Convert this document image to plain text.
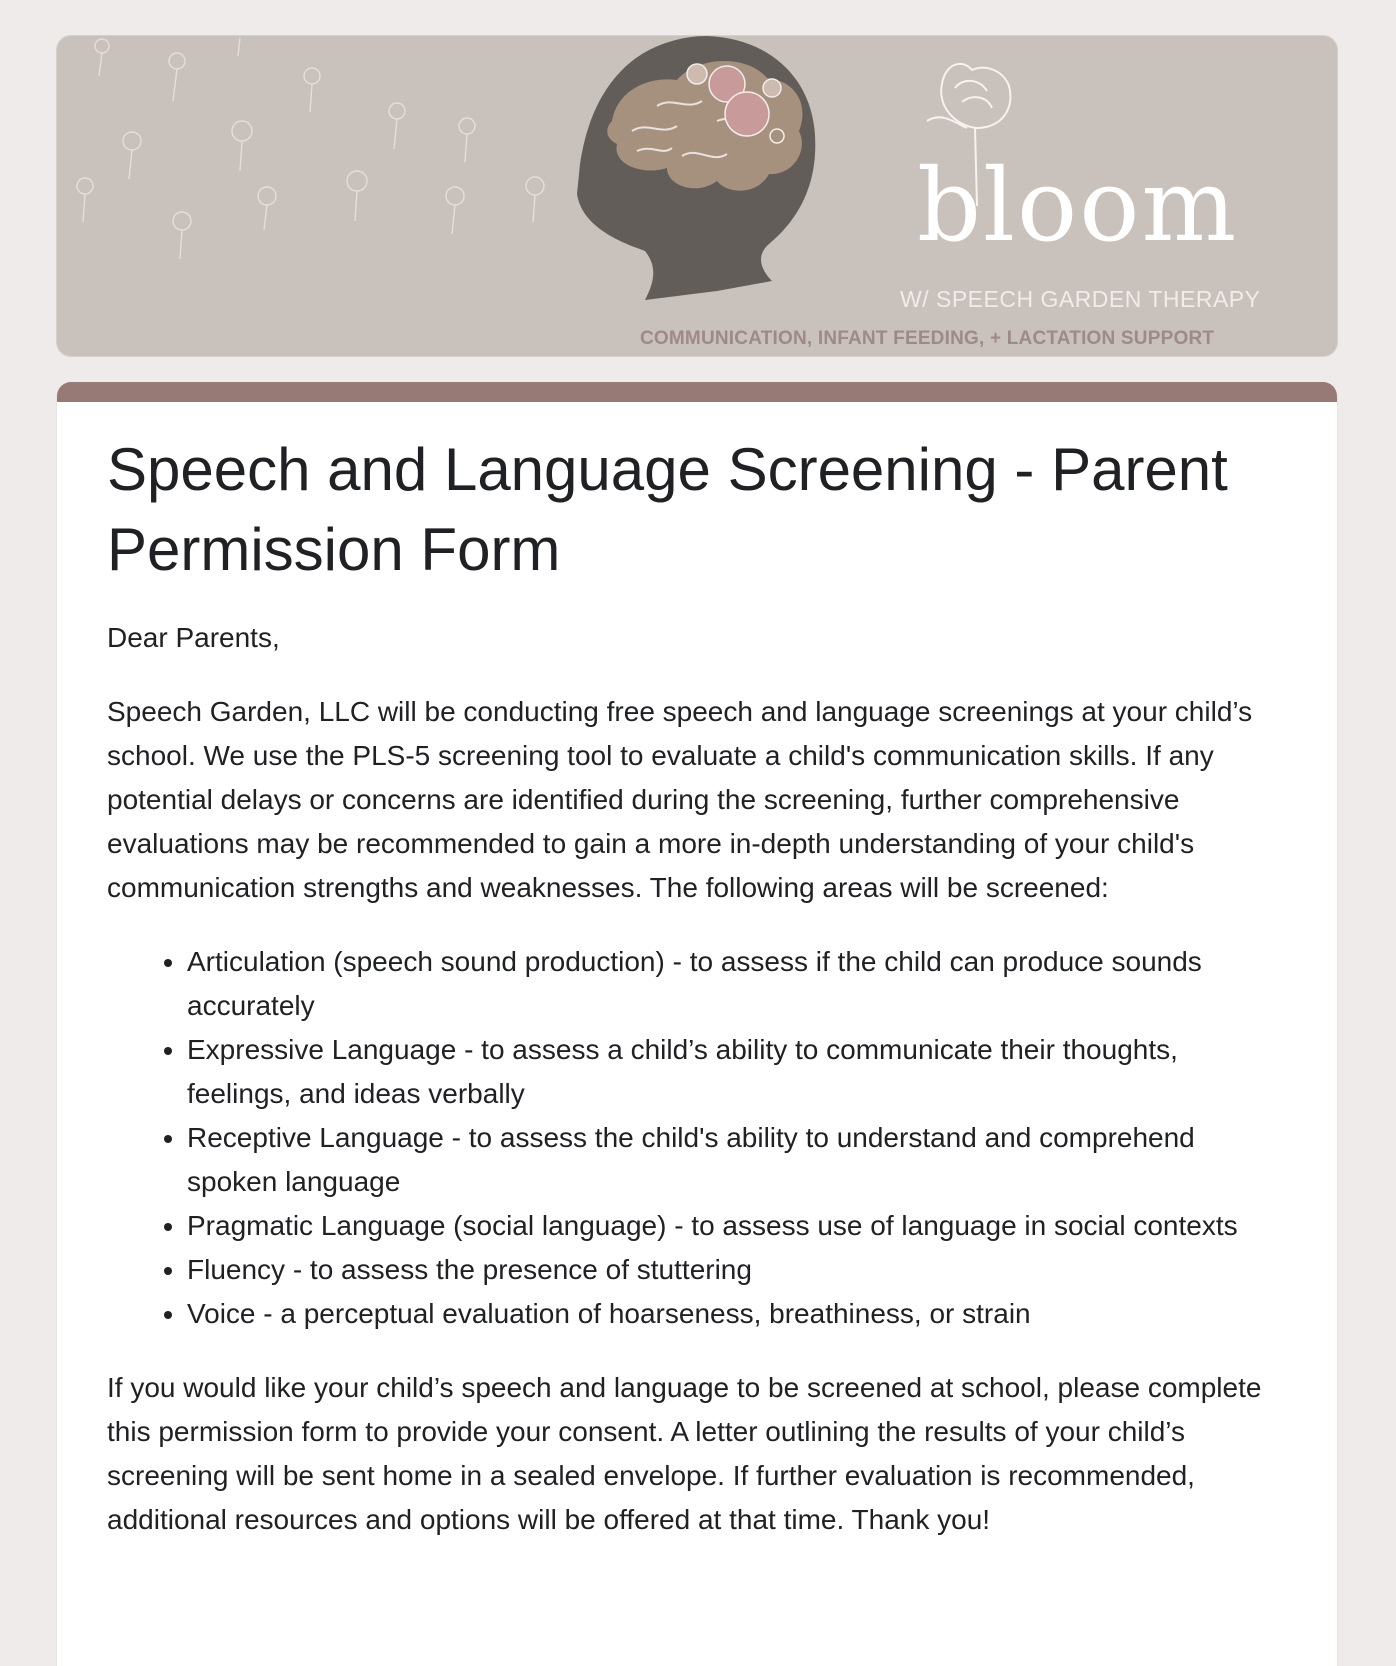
bloom
W/ SPEECH GARDEN THERAPY
COMMUNICATION, INFANT FEEDING, + LACTATION SUPPORT
Speech and Language Screening - Parent Permission Form

Dear Parents,

Speech Garden, LLC will be conducting free speech and language screenings at your child’s school. We use the PLS-5 screening tool to evaluate a child's communication skills. If any potential delays or concerns are identified during the screening, further comprehensive evaluations may be recommended to gain a more in-depth understanding of your child's communication strengths and weaknesses. The following areas will be screened:

• Articulation (speech sound production) - to assess if the child can produce sounds accurately
• Expressive Language - to assess a child’s ability to communicate their thoughts, feelings, and ideas verbally
• Receptive Language - to assess the child's ability to understand and comprehend spoken language
• Pragmatic Language (social language) - to assess use of language in social contexts
• Fluency - to assess the presence of stuttering
• Voice - a perceptual evaluation of hoarseness, breathiness, or strain

If you would like your child’s speech and language to be screened at school, please complete this permission form to provide your consent. A letter outlining the results of your child’s screening will be sent home in a sealed envelope. If further evaluation is recommended, additional resources and options will be offered at that time. Thank you!
